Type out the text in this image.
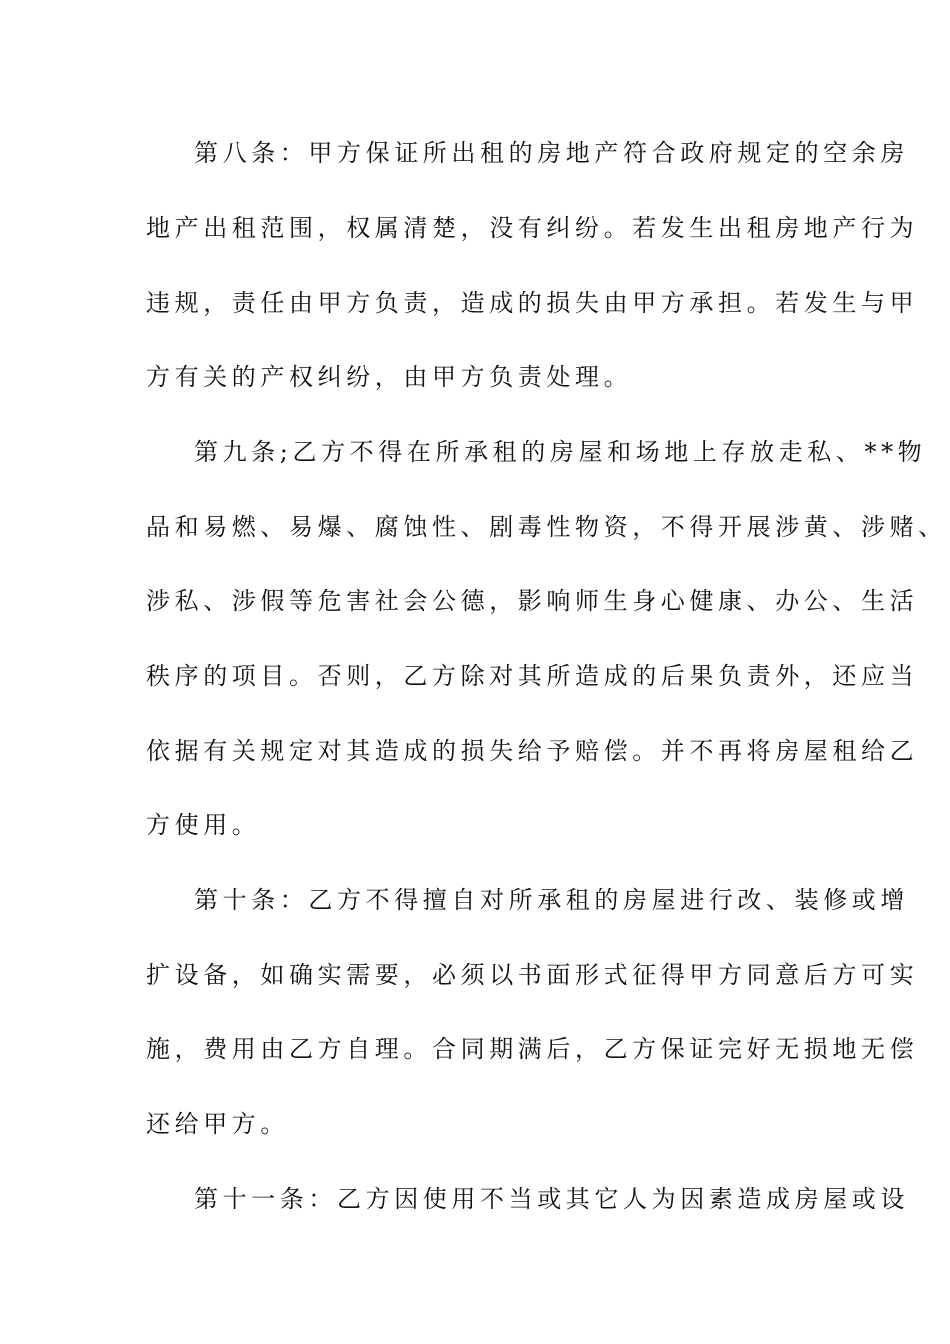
第八条：甲方保证所出租的房地产符合政府规定的空余房
地产出租范围，权属清楚，没有纠纷。若发生出租房地产行为
违规，责任由甲方负责，造成的损失由甲方承担。若发生与甲
方有关的产权纠纷，由甲方负责处理。
第九条;乙方不得在所承租的房屋和场地上存放走私、**物
品和易燃、易爆、腐蚀性、剧毒性物资，不得开展涉黄、涉赌、
涉私、涉假等危害社会公德，影响师生身心健康、办公、生活
秩序的项目。否则，乙方除对其所造成的后果负责外，还应当
依据有关规定对其造成的损失给予赔偿。并不再将房屋租给乙
方使用。
第十条：乙方不得擅自对所承租的房屋进行改、装修或增
扩设备，如确实需要，必须以书面形式征得甲方同意后方可实
施，费用由乙方自理。合同期满后，乙方保证完好无损地无偿
还给甲方。
第十一条：乙方因使用不当或其它人为因素造成房屋或设
